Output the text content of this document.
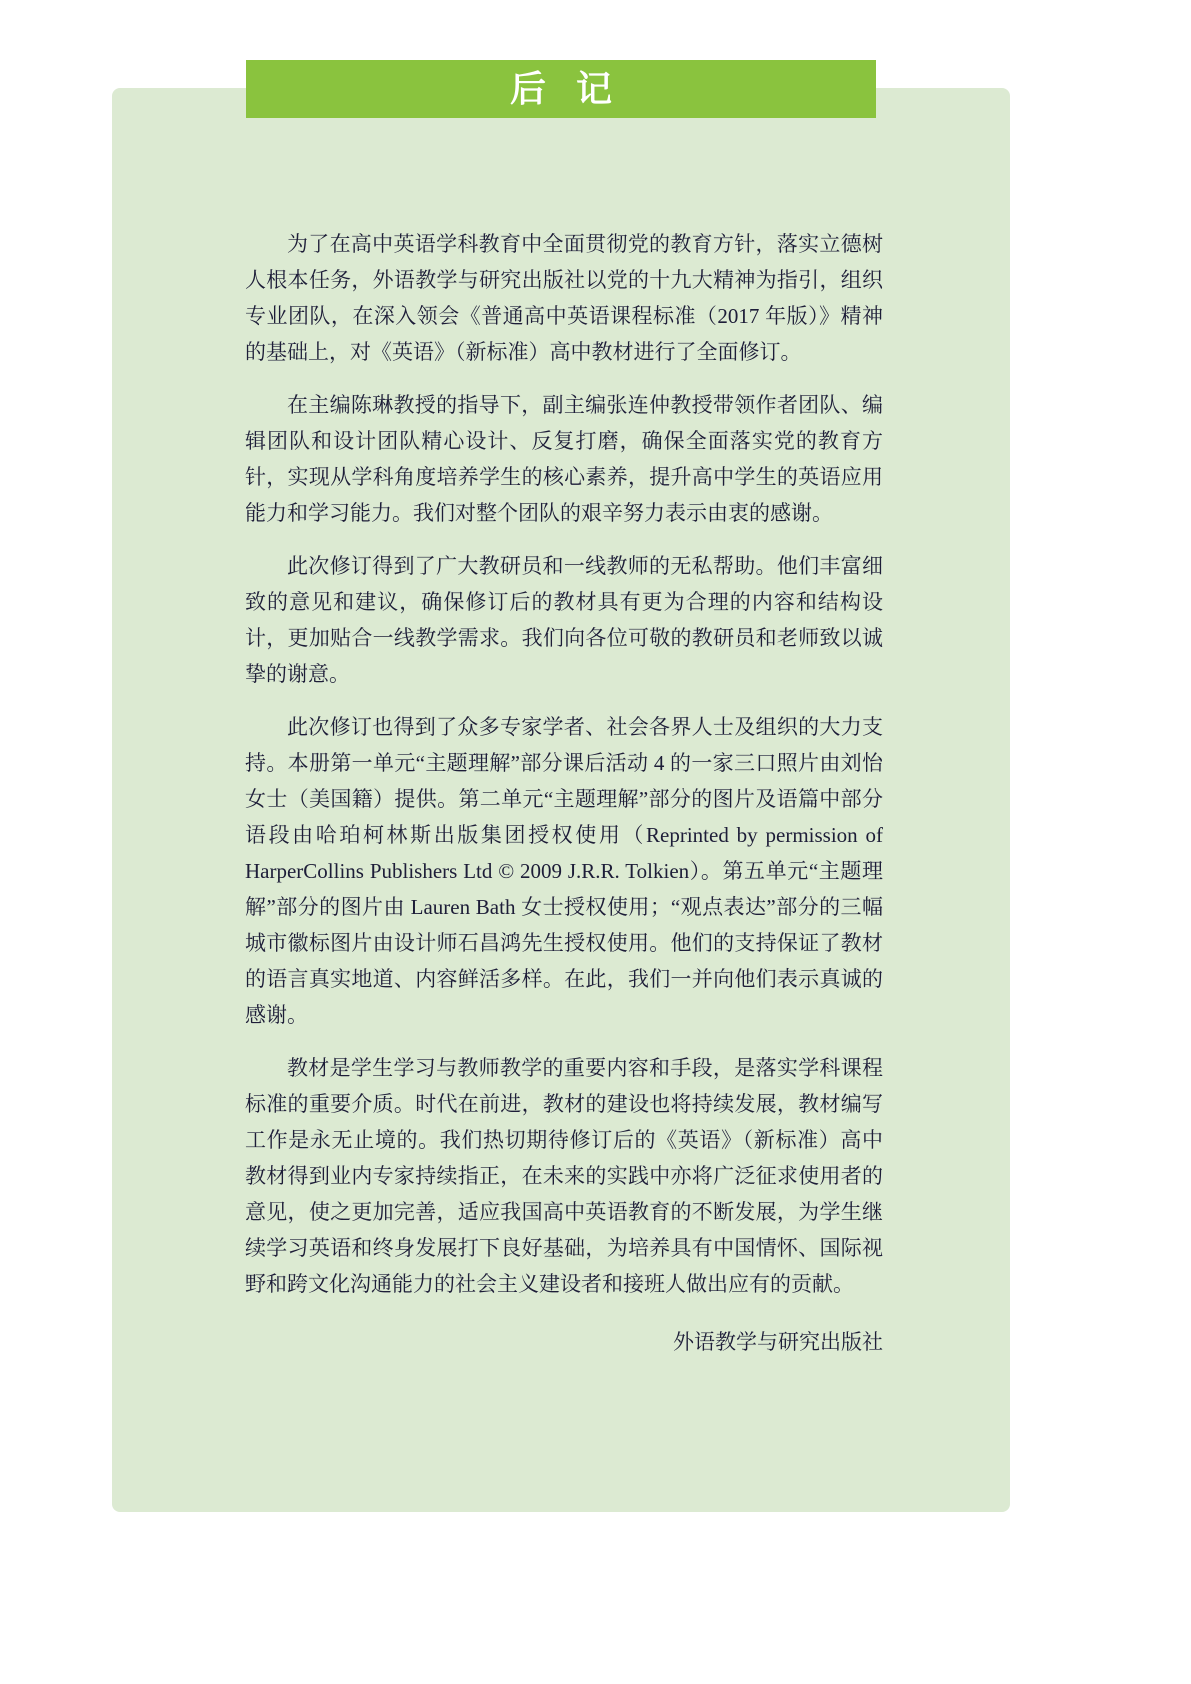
后 记

为了在高中英语学科教育中全面贯彻党的教育方针，落实立德树人根本任务，外语教学与研究出版社以党的十九大精神为指引，组织专业团队，在深入领会《普通高中英语课程标准（2017 年版）》精神的基础上，对《英语》（新标准）高中教材进行了全面修订。

在主编陈琳教授的指导下，副主编张连仲教授带领作者团队、编辑团队和设计团队精心设计、反复打磨，确保全面落实党的教育方针，实现从学科角度培养学生的核心素养，提升高中学生的英语应用能力和学习能力。我们对整个团队的艰辛努力表示由衷的感谢。

此次修订得到了广大教研员和一线教师的无私帮助。他们丰富细致的意见和建议，确保修订后的教材具有更为合理的内容和结构设计，更加贴合一线教学需求。我们向各位可敬的教研员和老师致以诚挚的谢意。

此次修订也得到了众多专家学者、社会各界人士及组织的大力支持。本册第一单元“主题理解”部分课后活动 4 的一家三口照片由刘怡女士（美国籍）提供。第二单元“主题理解”部分的图片及语篇中部分语段由哈珀柯林斯出版集团授权使用（Reprinted by permission of HarperCollins Publishers Ltd © 2009 J.R.R. Tolkien）。第五单元“主题理解”部分的图片由 Lauren Bath 女士授权使用；“观点表达”部分的三幅城市徽标图片由设计师石昌鸿先生授权使用。他们的支持保证了教材的语言真实地道、内容鲜活多样。在此，我们一并向他们表示真诚的感谢。

教材是学生学习与教师教学的重要内容和手段，是落实学科课程标准的重要介质。时代在前进，教材的建设也将持续发展，教材编写工作是永无止境的。我们热切期待修订后的《英语》（新标准）高中教材得到业内专家持续指正，在未来的实践中亦将广泛征求使用者的意见，使之更加完善，适应我国高中英语教育的不断发展，为学生继续学习英语和终身发展打下良好基础，为培养具有中国情怀、国际视野和跨文化沟通能力的社会主义建设者和接班人做出应有的贡献。

外语教学与研究出版社
